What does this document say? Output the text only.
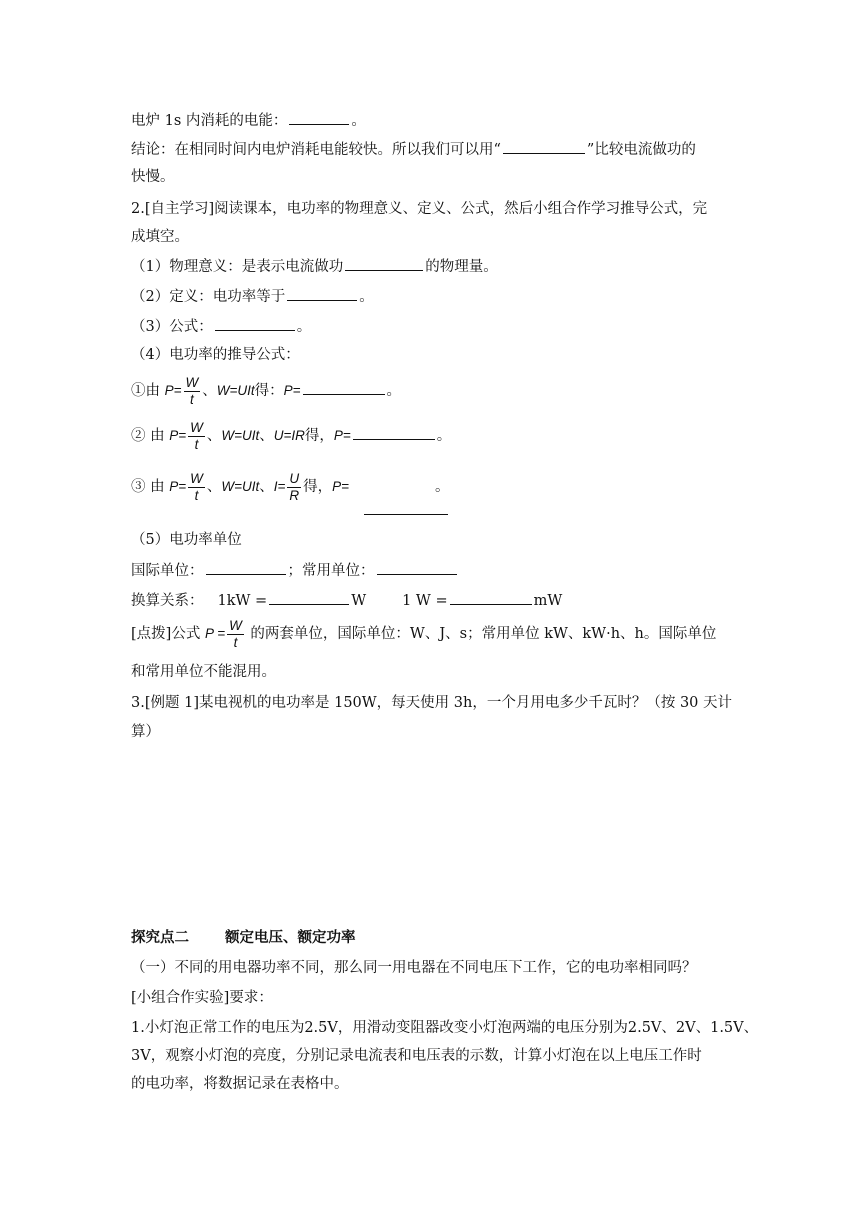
电炉 1s 内消耗的电能：	。
结论：在相同时间内电炉消耗电能较快。所以我们可以用“	”比较电流做功的
快慢。
2.[自主学习]阅读课本，电功率的物理意义、定义、公式，然后小组合作学习推导公式，完
成填空。
（1）物理意义：是表示电流做功	的物理量。
（2）定义：电功率等于	。
（3）公式：	。
（4）电功率的推导公式：
①由 $P= \frac{W}{t}$ 、W=UIt得：P=	。
② 由 $P= \frac{W}{t}$ 、W=UIt、U=IR得，P=	。
③ 由 $P= \frac{W}{t}$ 、W=UIt、$I= \frac{U}{R}$ 得，P=	。
（5）电功率单位
国际单位：	；常用单位：
换算关系： 1kW =	W 1 W =	mW
[点拨]公式 $P = \frac{W}{t}$ 的两套单位，国际单位：W、J、s；常用单位 kW、kW·h、h。国际单位
和常用单位不能混用。
3.[例题 1]某电视机的电功率是 150W，每天使用 3h，一个月用电多少千瓦时？（按 30 天计
算）
探究点二 额定电压、额定功率
（一）不同的用电器功率不同，那么同一用电器在不同电压下工作，它的电功率相同吗？
[小组合作实验]要求：
1.小灯泡正常工作的电压为2.5V，用滑动变阻器改变小灯泡两端的电压分别为2.5V、2V、1.5V、
3V，观察小灯泡的亮度，分别记录电流表和电压表的示数，计算小灯泡在以上电压工作时
的电功率，将数据记录在表格中。
